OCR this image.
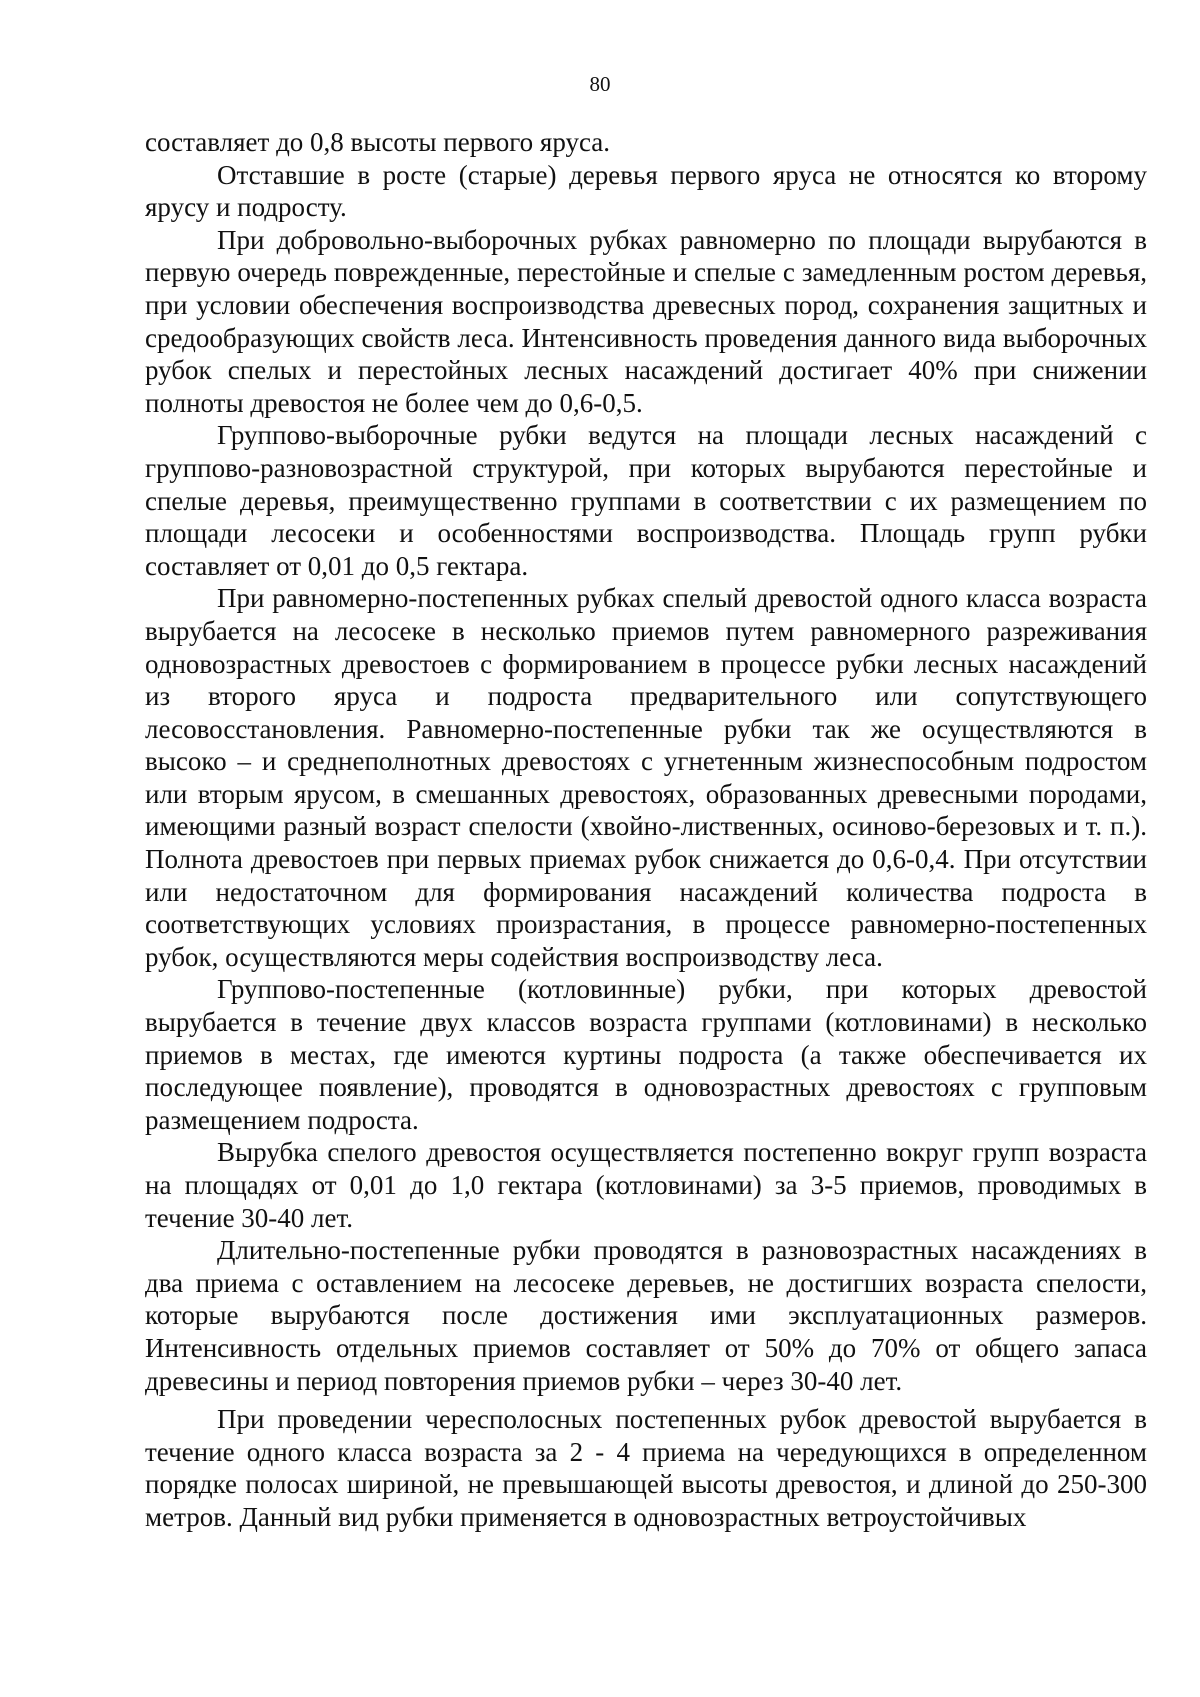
80

составляет до 0,8 высоты первого яруса.

Отставшие в росте (старые) деревья первого яруса не относятся ко второму ярусу и подросту.

При добровольно-выборочных рубках равномерно по площади вырубаются в первую очередь поврежденные, перестойные и спелые с замедленным ростом деревья, при условии обеспечения воспроизводства древесных пород, сохранения защитных и средообразующих свойств леса. Интенсивность проведения данного вида выборочных рубок спелых и перестойных лесных насаждений достигает 40% при снижении полноты древостоя не более чем до 0,6-0,5.

Группово-выборочные рубки ведутся на площади лесных насаждений с группово-разновозрастной структурой, при которых вырубаются перестойные и спелые деревья, преимущественно группами в соответствии с их размещением по площади лесосеки и особенностями воспроизводства. Площадь групп рубки составляет от 0,01 до 0,5 гектара.

При равномерно-постепенных рубках спелый древостой одного класса возраста вырубается на лесосеке в несколько приемов путем равномерного разреживания одновозрастных древостоев с формированием в процессе рубки лесных насаждений из второго яруса и подроста предварительного или сопутствующего лесовосстановления. Равномерно-постепенные рубки так же осуществляются в высоко – и среднеполнотных древостоях с угнетенным жизнеспособным подростом или вторым ярусом, в смешанных древостоях, образованных древесными породами, имеющими разный возраст спелости (хвойно-лиственных, осиново-березовых и т. п.). Полнота древостоев при первых приемах рубок снижается до 0,6-0,4. При отсутствии или недостаточном для формирования насаждений количества подроста в соответствующих условиях произрастания, в процессе равномерно-постепенных рубок, осуществляются меры содействия воспроизводству леса.

Группово-постепенные (котловинные) рубки, при которых древостой вырубается в течение двух классов возраста группами (котловинами) в несколько приемов в местах, где имеются куртины подроста (а также обеспечивается их последующее появление), проводятся в одновозрастных древостоях с групповым размещением подроста.

Вырубка спелого древостоя осуществляется постепенно вокруг групп возраста на площадях от 0,01 до 1,0 гектара (котловинами) за 3-5 приемов, проводимых в течение 30-40 лет.

Длительно-постепенные рубки проводятся в разновозрастных насаждениях в два приема с оставлением на лесосеке деревьев, не достигших возраста спелости, которые вырубаются после достижения ими эксплуатационных размеров. Интенсивность отдельных приемов составляет от 50% до 70% от общего запаса древесины и период повторения приемов рубки – через 30-40 лет.

При проведении чересполосных постепенных рубок древостой вырубается в течение одного класса возраста за 2 - 4 приема на чередующихся в определенном порядке полосах шириной, не превышающей высоты древостоя, и длиной до 250-300 метров. Данный вид рубки применяется в одновозрастных ветроустойчивых
